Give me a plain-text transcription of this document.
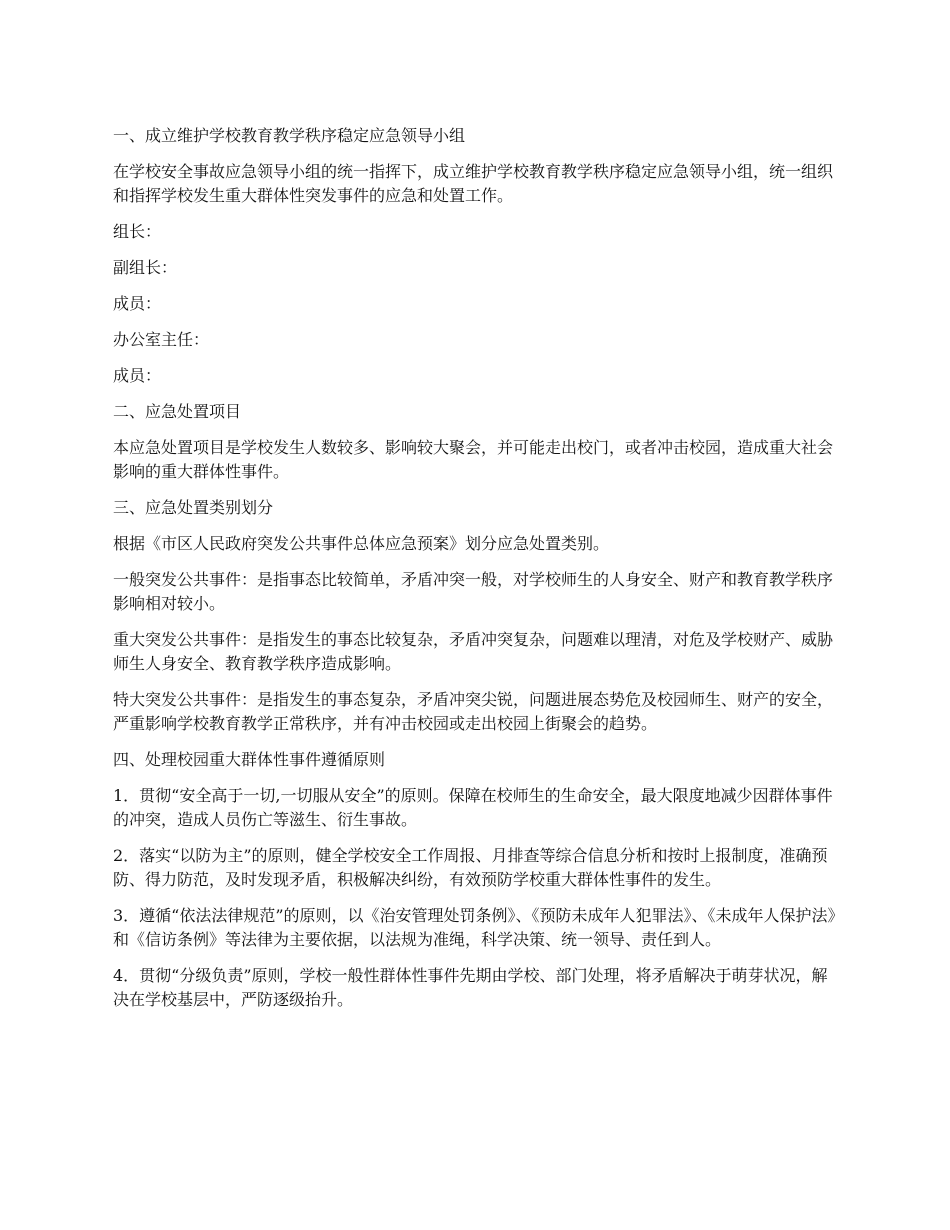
一、成立维护学校教育教学秩序稳定应急领导小组

在学校安全事故应急领导小组的统一指挥下，成立维护学校教育教学秩序稳定应急领导小组，统一组织和指挥学校发生重大群体性突发事件的应急和处置工作。

组长：

副组长：

成员：

办公室主任：

成员：

二、应急处置项目

本应急处置项目是学校发生人数较多、影响较大聚会，并可能走出校门，或者冲击校园，造成重大社会影响的重大群体性事件。

三、应急处置类别划分

根据《市区人民政府突发公共事件总体应急预案》划分应急处置类别。

一般突发公共事件：是指事态比较简单，矛盾冲突一般，对学校师生的人身安全、财产和教育教学秩序影响相对较小。

重大突发公共事件：是指发生的事态比较复杂，矛盾冲突复杂，问题难以理清，对危及学校财产、威胁师生人身安全、教育教学秩序造成影响。

特大突发公共事件：是指发生的事态复杂，矛盾冲突尖锐，问题进展态势危及校园师生、财产的安全，严重影响学校教育教学正常秩序，并有冲击校园或走出校园上街聚会的趋势。

四、处理校园重大群体性事件遵循原则

1．贯彻“安全高于一切,一切服从安全”的原则。保障在校师生的生命安全，最大限度地减少因群体事件的冲突，造成人员伤亡等滋生、衍生事故。

2．落实“以防为主”的原则，健全学校安全工作周报、月排查等综合信息分析和按时上报制度，准确预防、得力防范，及时发现矛盾，积极解决纠纷，有效预防学校重大群体性事件的发生。

3．遵循“依法法律规范”的原则，以《治安管理处罚条例》、《预防未成年人犯罪法》、《未成年人保护法》和《信访条例》等法律为主要依据，以法规为准绳，科学决策、统一领导、责任到人。

4．贯彻“分级负责”原则，学校一般性群体性事件先期由学校、部门处理，将矛盾解决于萌芽状况，解决在学校基层中，严防逐级抬升。
